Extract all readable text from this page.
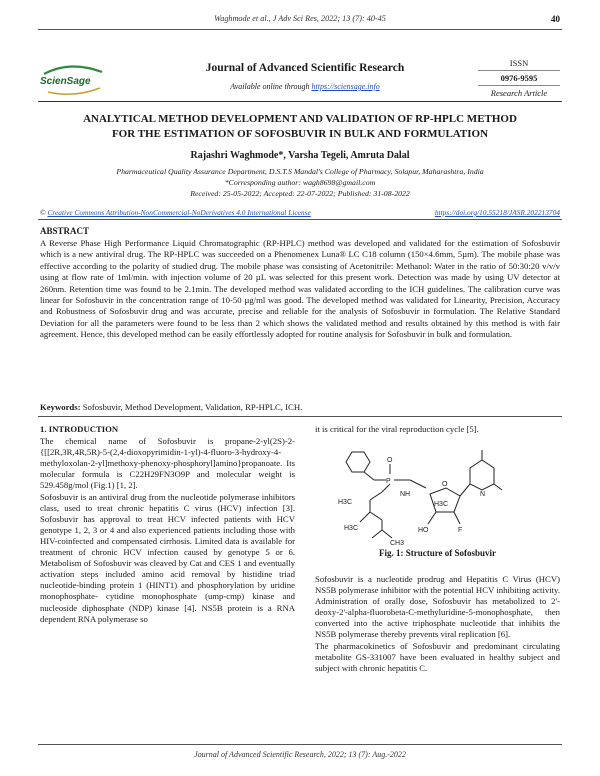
Waghmode et al., J Adv Sci Res, 2022; 13 (7): 40-45	40
ScienSage
Journal of Advanced Scientific Research
Available online through https://sciensage.info
ISSN
0976-9595
Research Article
ANALYTICAL METHOD DEVELOPMENT AND VALIDATION OF RP-HPLC METHOD
FOR THE ESTIMATION OF SOFOSBUVIR IN BULK AND FORMULATION
Rajashri Waghmode*, Varsha Tegeli, Amruta Dalal
Pharmaceutical Quality Assurance Department, D.S.T.S Mandal's College of Pharmacy, Solapur, Maharashtra, India
*Corresponding author: wagh8698@gmail.com
Received: 25-05-2022; Accepted: 22-07-2022; Published: 31-08-2022
© Creative Commons Attribution-NonCommercial-NoDerivatives 4.0 International License	https://doi.org/10.55218/JASR.202213704
ABSTRACT
A Reverse Phase High Performance Liquid Chromatographic (RP-HPLC) method was developed and validated for the estimation of Sofosbuvir which is a new antiviral drug. The RP-HPLC was succeeded on a Phenomenex Luna® LC C18 column (150×4.6mm, 5µm). The mobile phase was effective according to the polarity of studied drug. The mobile phase was consisting of Acetonitrile: Methanol: Water in the ratio of 50:30:20 v/v/v using at flow rate of 1ml/min. with injection volume of 20 µL was selected for this present work. Detection was made by using UV detector at 260nm. Retention time was found to be 2.1min. The developed method was validated according to the ICH guidelines. The calibration curve was linear for Sofosbuvir in the concentration range of 10-50 µg/ml was good. The developed method was validated for Linearity, Precision, Accuracy and Robustness of Sofosbuvir drug and was accurate, precise and reliable for the analysis of Sofosbuvir in formulation. The Relative Standard Deviation for all the parameters were found to be less than 2 which shows the validated method and results obtained by this method is with fair agreement. Hence, this developed method can be easily effortlessly adopted for routine analysis for Sofosbuvir in bulk and formulation.
Keywords: Sofosbuvir, Method Development, Validation, RP-HPLC, ICH.
1. INTRODUCTION

The chemical name of Sofosbuvir is propane-2-yl(2S)-2-{[[2R,3R,4R,5R)-5-(2,4-dioxopyrimidin-1-yl)-4-fluoro-3-hydroxy-4-methyloxolan-2-yl]methoxy-phenoxy-phosphoryl]amino}propanoate. Its molecular formula is C22H29FN3O9P and molecular weight is 529.458g/mol (Fig.1) [1, 2].

Sofosbuvir is an antiviral drug from the nucleotide polymerase inhibitors class, used to treat chronic hepatitis C virus (HCV) infection [3]. Sofosbuvir has approval to treat HCV infected patients with HCV genotype 1, 2, 3 or 4 and also experienced patients including those with HIV-coinfected and compensated cirrhosis. Limited data is available for treatment of chronic HCV infection caused by genotype 5 or 6. Metabolism of Sofosbuvir was cleaved by Cat and CES 1 and eventually activation steps included amino acid removal by histidine triad nucleotide-binding protein 1 (HINT1) and phosphorylation by uridine monophosphate- cytidine monophosphate (ump-cmp) kinase and nucleoside diphosphate (NDP) kinase [4]. NS5B protein is a RNA dependent RNA polymerase so

it is critical for the viral reproduction cycle [5].
P
O
NH
H3C
H3C
CH3
HO	F
H3C
N
O
Fig. 1: Structure of Sofosbuvir

Sofosbuvir is a nucleotide prodrug and Hepatitis C Virus (HCV) NS5B polymerase inhibitor with the potential HCV inhibiting activity. Administration of orally dose, Sofosbuvir has metabolized to 2'-deoxy-2'-alpha-fluorobeta-C-methyluridine-5-monophosphate, then converted into the active triphosphate nucleotide that inhibits the NS5B polymerase thereby prevents viral replication [6].

The pharmacokinetics of Sofosbuvir and predominant circulating metabolite GS-331007 have been evaluated in healthy subject and subject with chronic hepatitis C.

Journal of Advanced Scientific Research, 2022; 13 (7): Aug.-2022
